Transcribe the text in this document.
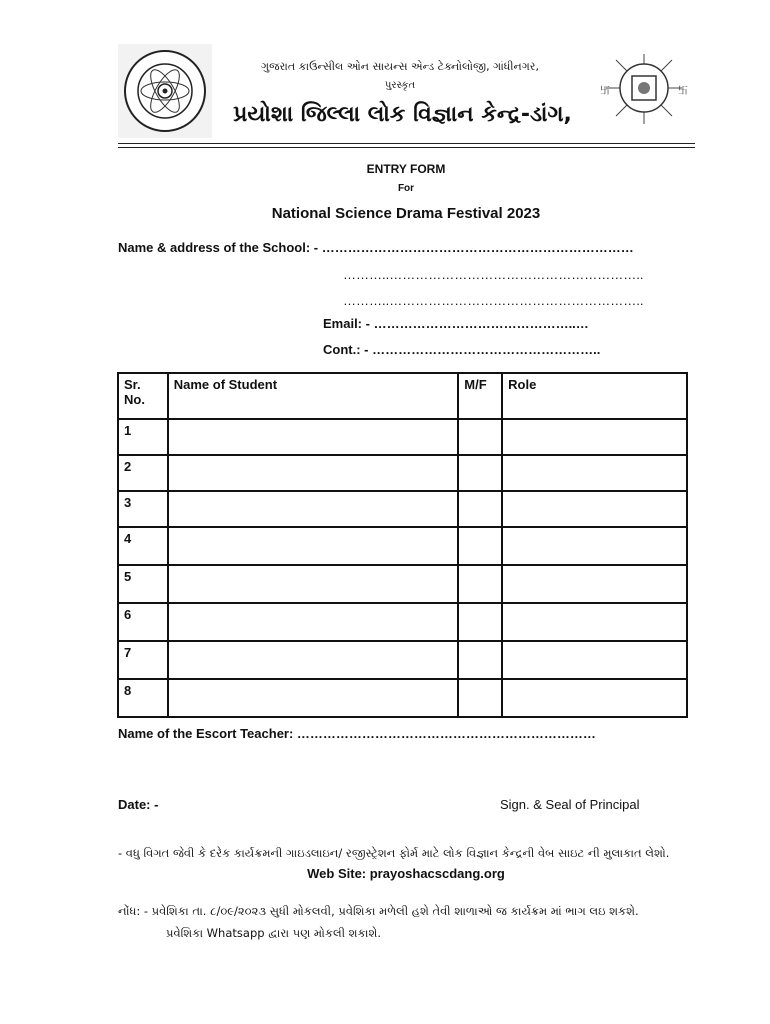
卐	卐
ગુજરાત કાઉન્સીલ ઓન સાયન્સ એન્ડ ટેક્નોલોજી, ગાંધીનગર,
પુરસ્કૃત
પ્રયોશા જિલ્લા લોક વિજ્ઞાન કેન્દ્ર-ડાંગ,
ENTRY FORM
For
National Science Drama Festival 2023
Name & address of the School: - ………………………………………………………………
………..…………………………………………………..
………..…………………………………………………..
Email: - ………………………………………..…
Cont.: - ……………………………………………..
Sr. No.	Name of Student	M/F	Role
1			
2			
3			
4			
5			
6			
7			
8			
Name of the Escort Teacher: ……………………………………………………………
Date: -	Sign. & Seal of Principal
- વધુ વિગત જેવી કે દરેક કાર્યક્રમની ગાઇડલાઇન/ રજીસ્ટ્રેશન ફોર્મ માટે લોક વિજ્ઞાન કેન્દ્રની વેબ સાઇટ ની મુલાકાત લેશો.
Web Site: prayoshacscdang.org
નોંધ: - પ્રવેશિકા તા. ૮/૦૯/૨૦૨૩ સુધી મોકલવી, પ્રવેશિકા મળેલી હશે તેવી શાળાઓ જ કાર્યક્રમ માં ભાગ લઇ શકશે.
પ્રવેશિકા Whatsapp દ્વારા પણ મોકલી શકાશે.
